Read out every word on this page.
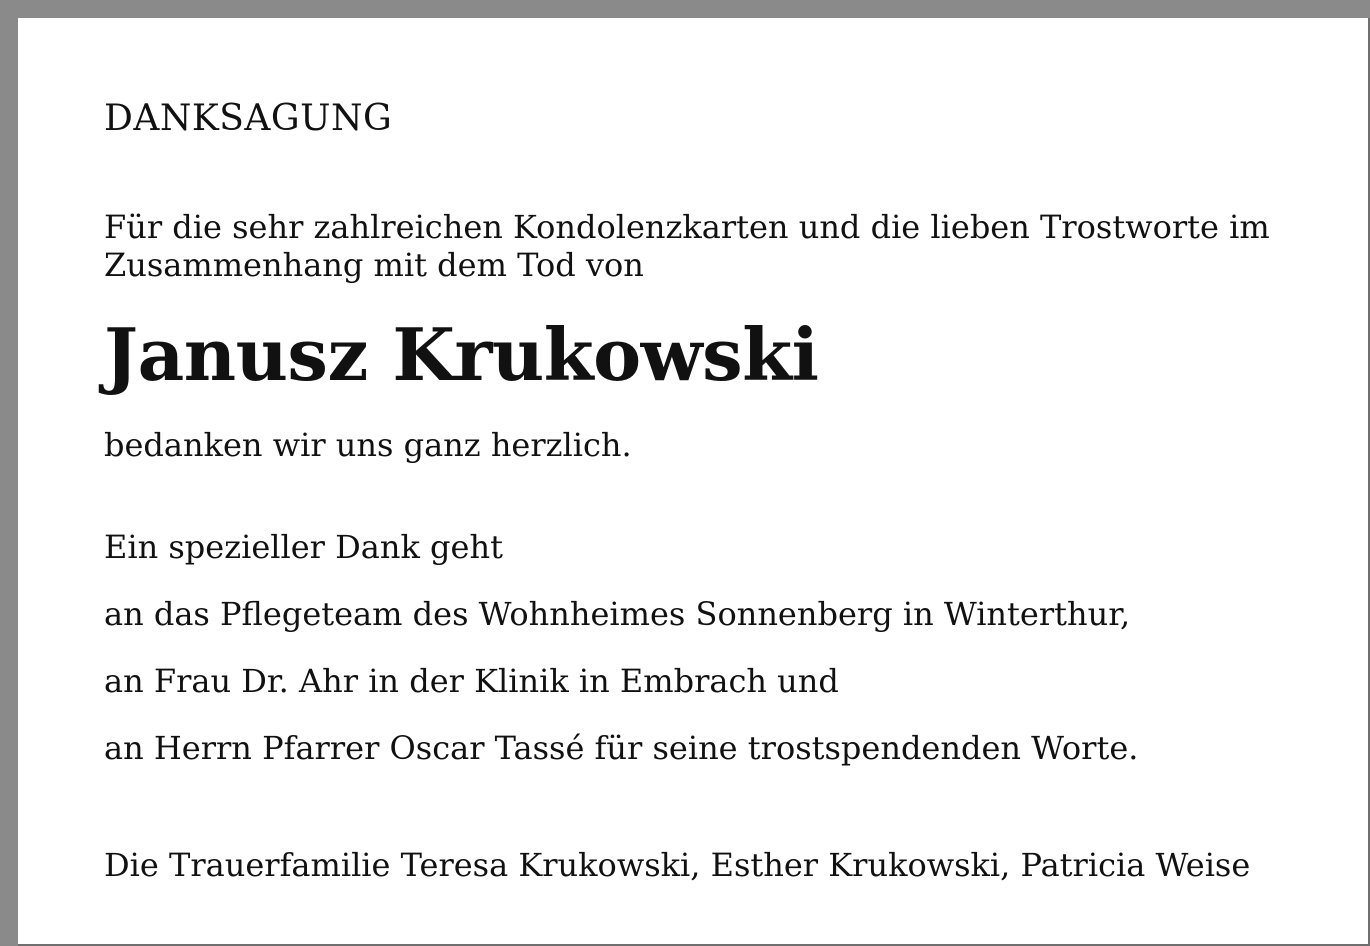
DANKSAGUNG

Für die sehr zahlreichen Kondolenzkarten und die lieben Trostworte im Zusammenhang mit dem Tod von

Janusz Krukowski

bedanken wir uns ganz herzlich.

Ein spezieller Dank geht

an das Pflegeteam des Wohnheimes Sonnenberg in Winterthur,

an Frau Dr. Ahr in der Klinik in Embrach und

an Herrn Pfarrer Oscar Tassé für seine trostspendenden Worte.

Die Trauerfamilie Teresa Krukowski, Esther Krukowski, Patricia Weise
